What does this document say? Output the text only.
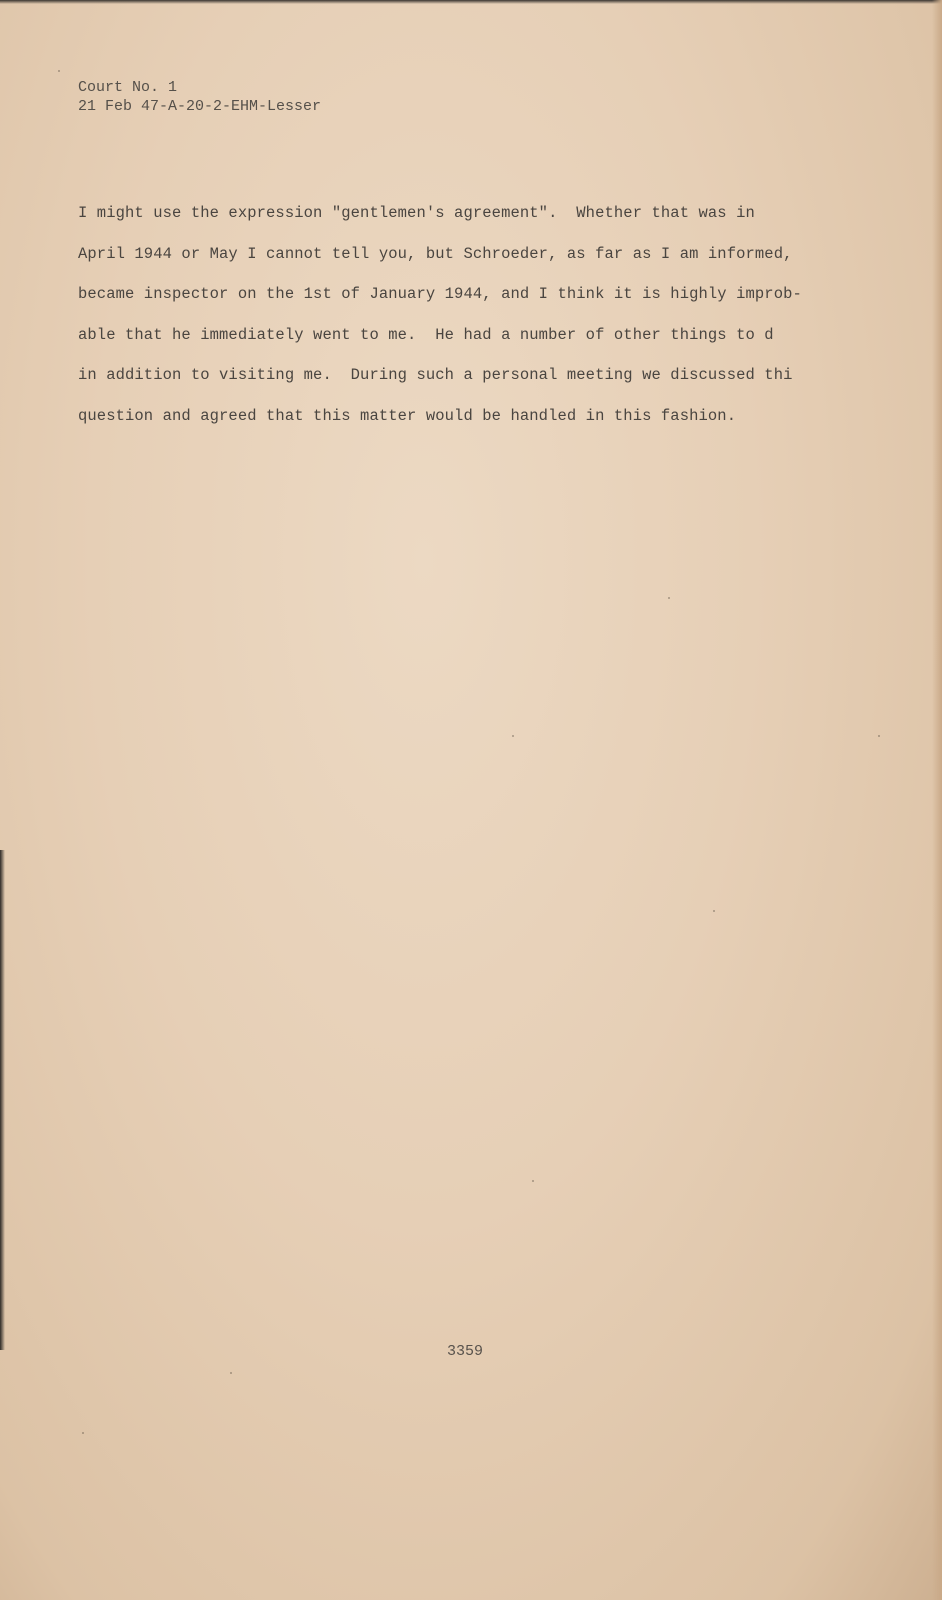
Court No. 1
21 Feb 47-A-20-2-EHM-Lesser
I might use the expression "gentlemen's agreement".  Whether that was in
April 1944 or May I cannot tell you, but Schroeder, as far as I am informed,
became inspector on the 1st of January 1944, and I think it is highly improb-
able that he immediately went to me.  He had a number of other things to d
in addition to visiting me.  During such a personal meeting we discussed thi
question and agreed that this matter would be handled in this fashion.
3359
